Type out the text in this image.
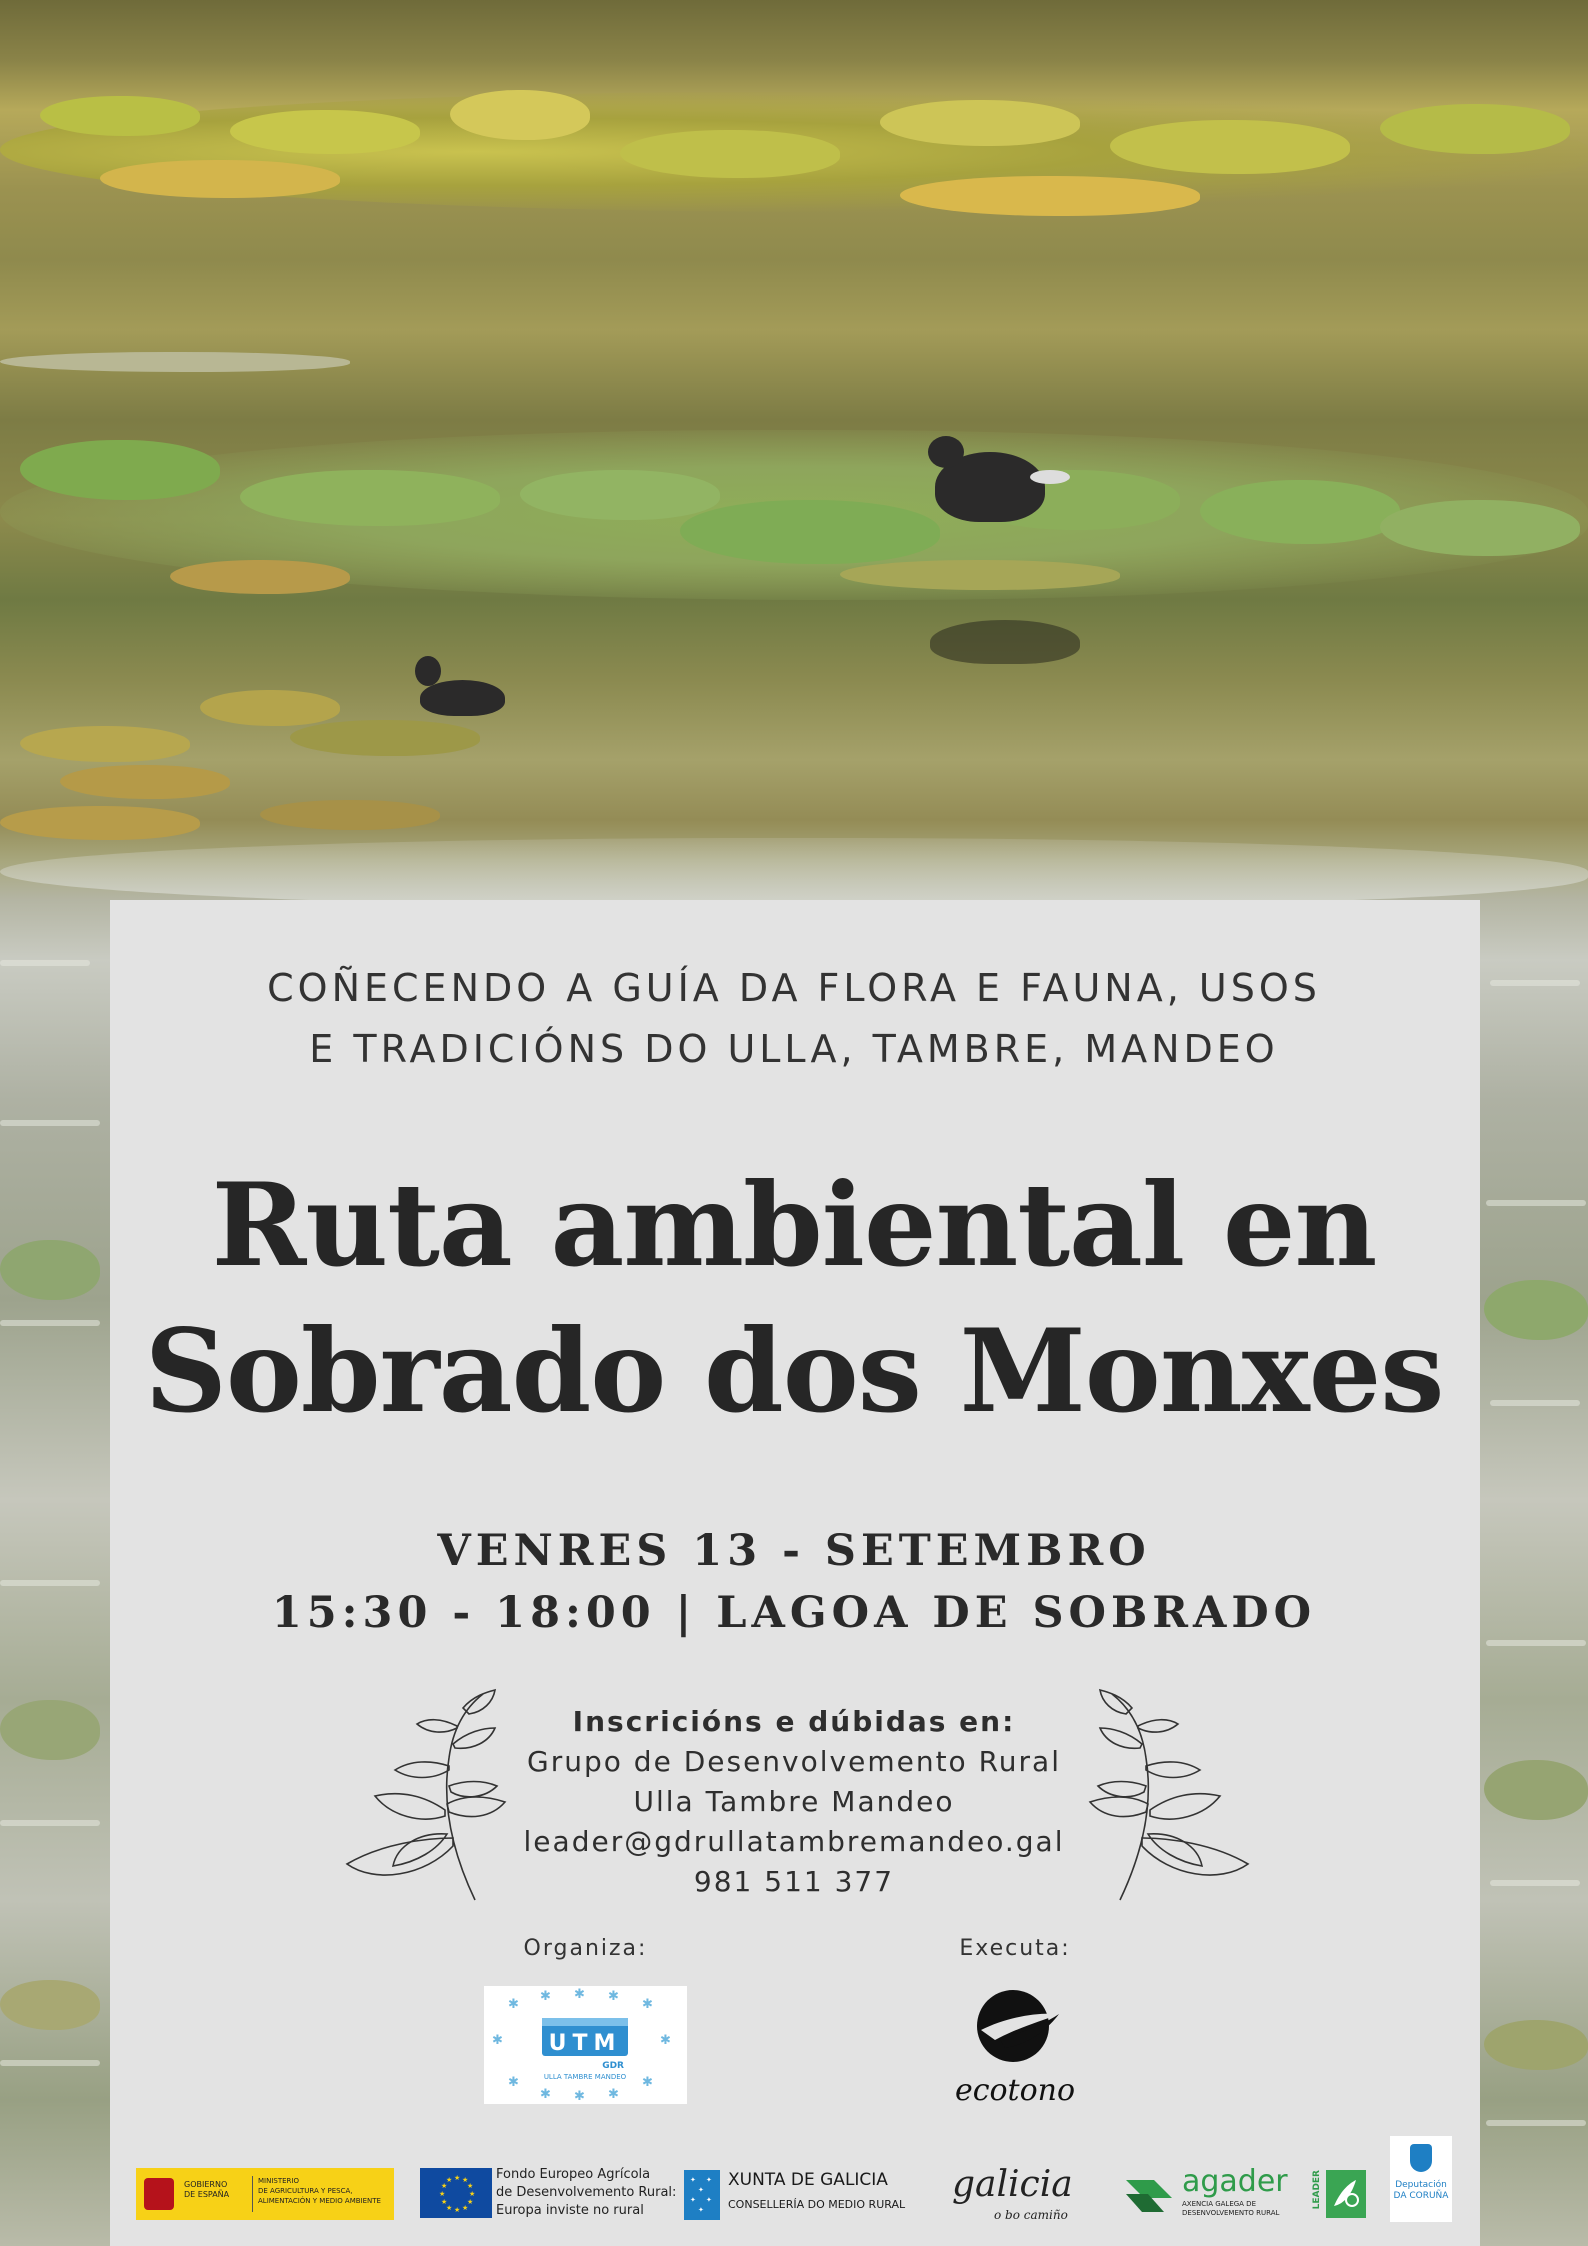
COÑECENDO A GUÍA DA FLORA E FAUNA, USOS
E TRADICIÓNS DO ULLA, TAMBRE, MANDEO
Ruta ambiental en
Sobrado dos Monxes
VENRES 13 - SETEMBRO
15:30 - 18:00 | LAGOA DE SOBRADO
Inscricións e dúbidas en:
Grupo de Desenvolvemento Rural
Ulla Tambre Mandeo
leader@gdrullatambremandeo.gal
981 511 377
Organiza:	Executa:
✱
✱ ✱ ✱
✱
✱
✱
✱
✱
✱
✱
✱ UTM
GDR
ULLA TAMBRE MANDEO	ecotono
GOBIERNO
DE ESPAÑA
MINISTERIO
DE AGRICULTURA Y PESCA,
ALIMENTACIÓN Y MEDIO AMBIENTE
★ ★
★
★
★
★
★
★
★
★
★
★	Fondo Europeo Agrícola
de Desenvolvemento Rural:
Europa inviste no rural
✦ ✦
✦
✦ ✦
✦
XUNTA DE GALICIA
CONSELLERÍA DO MEDIO RURAL galicia
o bo camiño
agader
AXENCIA GALEGA DE
DESENVOLVEMENTO RURAL
LEADER	Deputación
DA CORUÑA
